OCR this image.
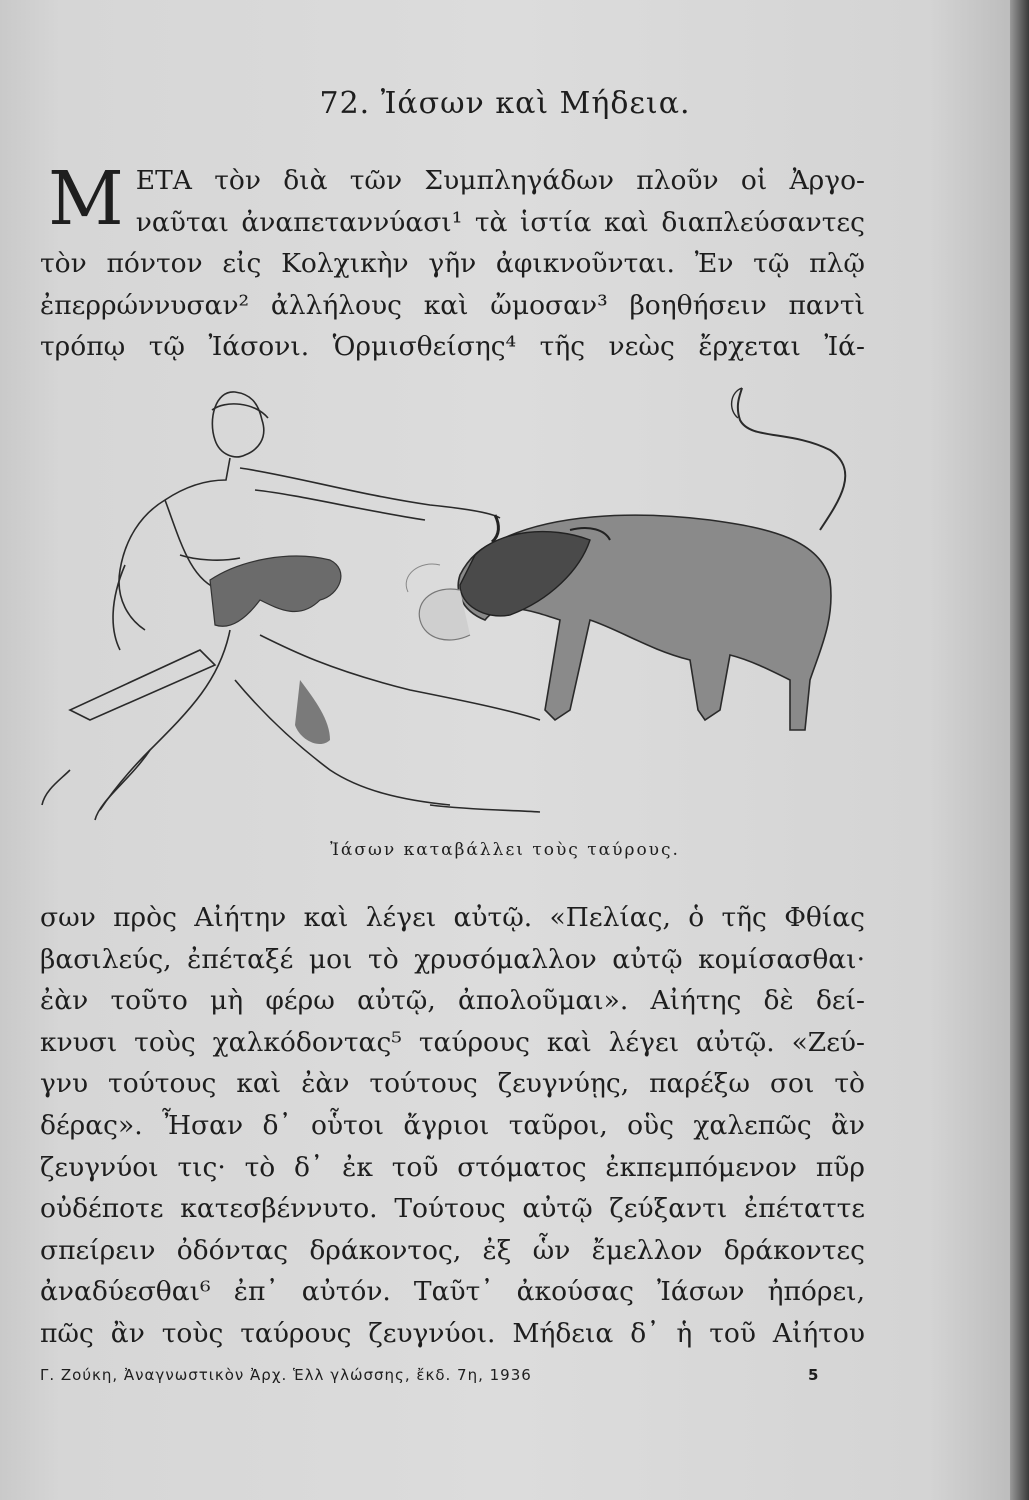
72. Ἰάσων καὶ Μήδεια.
Μ ΕΤΑ τὸν διὰ τῶν Συμπληγάδων πλοῦν οἱ Ἀργο-
ναῦται ἀναπεταννύασι¹ τὰ ἱστία καὶ διαπλεύσαντες
τὸν πόντον εἰς Κολχικὴν γῆν ἀφικνοῦνται. Ἐν τῷ πλῷ
ἐπερρώννυσαν² ἀλλήλους καὶ ὤμοσαν³ βοηθήσειν παντὶ
τρόπῳ τῷ Ἰάσονι. Ὁρμισθείσης⁴ τῆς νεὼς ἔρχεται Ἰά-
Ἰάσων καταβάλλει τοὺς ταύρους.
σων πρὸς Αἰήτην καὶ λέγει αὐτῷ. «Πελίας, ὁ τῆς Φθίας
βασιλεύς, ἐπέταξέ μοι τὸ χρυσόμαλλον αὐτῷ κομίσασθαι·
ἐὰν τοῦτο μὴ φέρω αὐτῷ, ἀπολοῦμαι». Αἰήτης δὲ δεί-
κνυσι τοὺς χαλκόδοντας⁵ ταύρους καὶ λέγει αὐτῷ. «Ζεύ-
γνυ τούτους καὶ ἐὰν τούτους ζευγνύῃς, παρέξω σοι τὸ
δέρας». Ἦσαν δ᾽ οὗτοι ἄγριοι ταῦροι, οὓς χαλεπῶς ἂν
ζευγνύοι τις· τὸ δ᾽ ἐκ τοῦ στόματος ἐκπεμπόμενον πῦρ
οὐδέποτε κατεσβέννυτο. Τούτους αὐτῷ ζεύξαντι ἐπέταττε
σπείρειν ὀδόντας δράκοντος, ἐξ ὧν ἔμελλον δράκοντες
ἀναδύεσθαι⁶ ἐπ᾽ αὐτόν. Ταῦτ᾽ ἀκούσας Ἰάσων ἠπόρει,
πῶς ἂν τοὺς ταύρους ζευγνύοι. Μήδεια δ᾽ ἡ τοῦ Αἰήτου
Γ. Ζούκη, Ἀναγνωστικὸν Ἀρχ. Ἑλλ γλώσσης, ἔκδ. 7η, 1936	5
